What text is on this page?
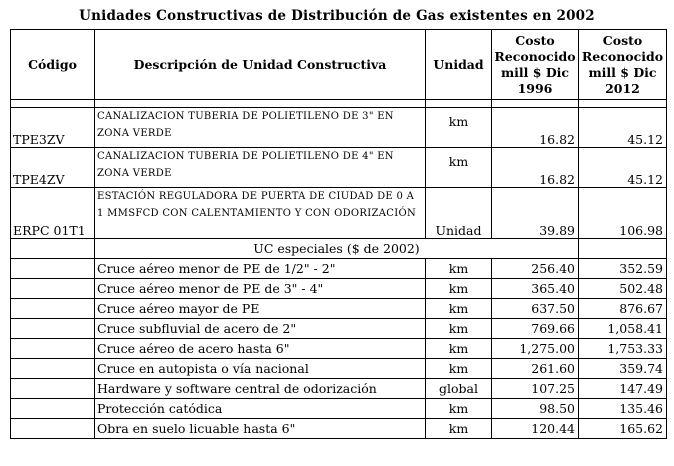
Unidades Constructivas de Distribución de Gas existentes en 2002
Código	Descripción de Unidad Constructiva	Unidad	Costo Reconocido mill $ Dic 1996	Costo Reconocido mill $ Dic 2012

TPE3ZV	CANALIZACION TUBERIA DE POLIETILENO DE 3" EN ZONA VERDE	km	16.82	45.12
TPE4ZV	CANALIZACION TUBERIA DE POLIETILENO DE 4" EN ZONA VERDE	km	16.82	45.12
ERPC 01T1	ESTACIÓN REGULADORA DE PUERTA DE CIUDAD DE 0 A 1 MMSFCD CON CALENTAMIENTO Y CON ODORIZACIÓN	Unidad	39.89	106.98
	UC especiales ($ de 2002)			
	Cruce aéreo menor de PE de 1/2" - 2"	km	256.40	352.59
	Cruce aéreo menor de PE de 3" - 4"	km	365.40	502.48
	Cruce aéreo mayor de PE	km	637.50	876.67
	Cruce subfluvial de acero de 2"	km	769.66	1,058.41
	Cruce aéreo de acero hasta 6"	km	1,275.00	1,753.33
	Cruce en autopista o vía nacional	km	261.60	359.74
	Hardware y software central de odorización	global	107.25	147.49
	Protección catódica	km	98.50	135.46
	Obra en suelo licuable hasta 6"	km	120.44	165.62
